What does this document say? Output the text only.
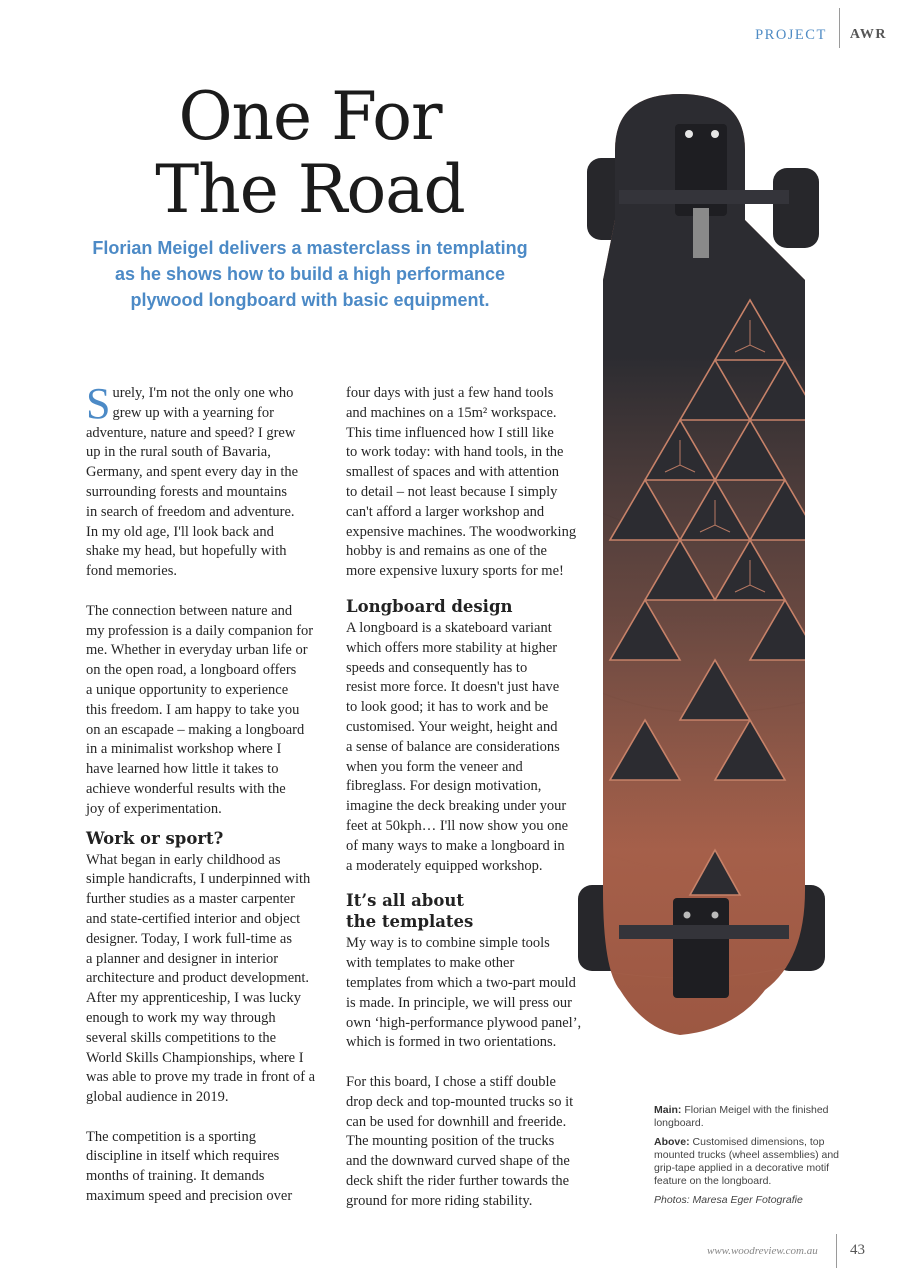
PROJECT AWR
One For
The Road
Florian Meigel delivers a masterclass in templating
as he shows how to build a high performance
plywood longboard with basic equipment.
S urely, I'm not the only one who
grew up with a yearning for
adventure, nature and speed? I grew
up in the rural south of Bavaria,
Germany, and spent every day in the
surrounding forests and mountains
in search of freedom and adventure.
In my old age, I'll look back and
shake my head, but hopefully with
fond memories.
The connection between nature and
my profession is a daily companion for
me. Whether in everyday urban life or
on the open road, a longboard offers
a unique opportunity to experience
this freedom. I am happy to take you
on an escapade – making a longboard
in a minimalist workshop where I
have learned how little it takes to
achieve wonderful results with the
joy of experimentation.
Work or sport?
What began in early childhood as
simple handicrafts, I underpinned with
further studies as a master carpenter
and state-certified interior and object
designer. Today, I work full-time as
a planner and designer in interior
architecture and product development.
After my apprenticeship, I was lucky
enough to work my way through
several skills competitions to the
World Skills Championships, where I
was able to prove my trade in front of a
global audience in 2019.
The competition is a sporting
discipline in itself which requires
months of training. It demands
maximum speed and precision over
four days with just a few hand tools
and machines on a 15m² workspace.
This time influenced how I still like
to work today: with hand tools, in the
smallest of spaces and with attention
to detail – not least because I simply
can't afford a larger workshop and
expensive machines. The woodworking
hobby is and remains as one of the
more expensive luxury sports for me!
Longboard design
A longboard is a skateboard variant
which offers more stability at higher
speeds and consequently has to
resist more force. It doesn't just have
to look good; it has to work and be
customised. Your weight, height and
a sense of balance are considerations
when you form the veneer and
fibreglass. For design motivation,
imagine the deck breaking under your
feet at 50kph… I'll now show you one
of many ways to make a longboard in
a moderately equipped workshop.
It’s all about
the templates
My way is to combine simple tools
with templates to make other
templates from which a two-part mould
is made. In principle, we will press our
own ‘high-performance plywood panel’,
which is formed in two orientations.
For this board, I chose a stiff double
drop deck and top-mounted trucks so it
can be used for downhill and freeride.
The mounting position of the trucks
and the downward curved shape of the
deck shift the rider further towards the
ground for more riding stability.

Main: Florian Meigel with the finished longboard.

Above: Customised dimensions, top mounted trucks (wheel assemblies) and grip-tape applied in a decorative motif feature on the longboard.

Photos: Maresa Eger Fotografie

www.woodreview.com.au 43
